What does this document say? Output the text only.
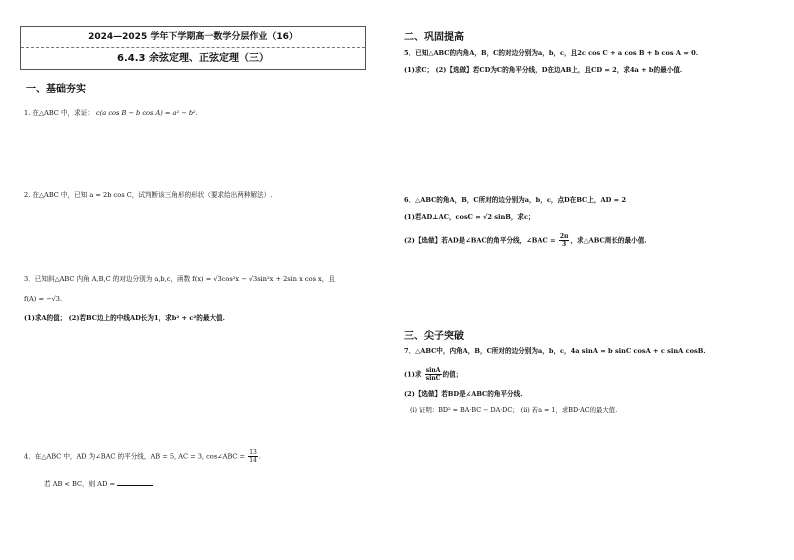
2024—2025 学年下学期高一数学分层作业（16）
6.4.3 余弦定理、正弦定理（三）
一、基础夯实
1. 在△ABC 中，求证： c(a cos B − b cos A) = a² − b².
2. 在△ABC 中，已知 a = 2b cos C，试判断该三角形的形状（要求给出两种解法）.
3．已知斜△ABC 内角 A,B,C 的对边分别为 a,b,c，函数 f(x) = √3cos²x − √3sin²x + 2sin x cos x，且
f(A) = −√3.
(1)求A的值； (2)若BC边上的中线AD长为1，求b² + c²的最大值.
4．在△ABC 中，AD 为∠BAC 的平分线，AB = 5, AC = 3, cos∠ABC = $\frac{13}{14}$ .
若 AB < BC，则 AD =
二、巩固提高
5．已知△ABC的内角A，B，C的对边分别为a，b，c，且2c cos C + a cos B + b cos A = 0.
(1)求C； (2)【选做】若CD为C的角平分线，D在边AB上，且CD = 2，求4a + b的最小值.
6．△ABC的角A，B，C所对的边分别为a，b，c，点D在BC上，AD = 2
(1)若AD⊥AC，cosC = √2 sinB，求c；
(2)【选做】若AD是∠BAC的角平分线，∠BAC = $\frac{2\pi}{3}$ ，求△ABC周长的最小值.
三、尖子突破
7．△ABC中，内角A，B，C所对的边分别为a，b，c，4a sinA = b sinC cosA + c sinA cosB.
(1)求 $\frac{\sin A}{\sin C}$ 的值；
(2)【选做】若BD是∠ABC的角平分线.
(i) 证明：BD² = BA·BC − DA·DC； (ii) 若a = 1，求BD·AC的最大值.
